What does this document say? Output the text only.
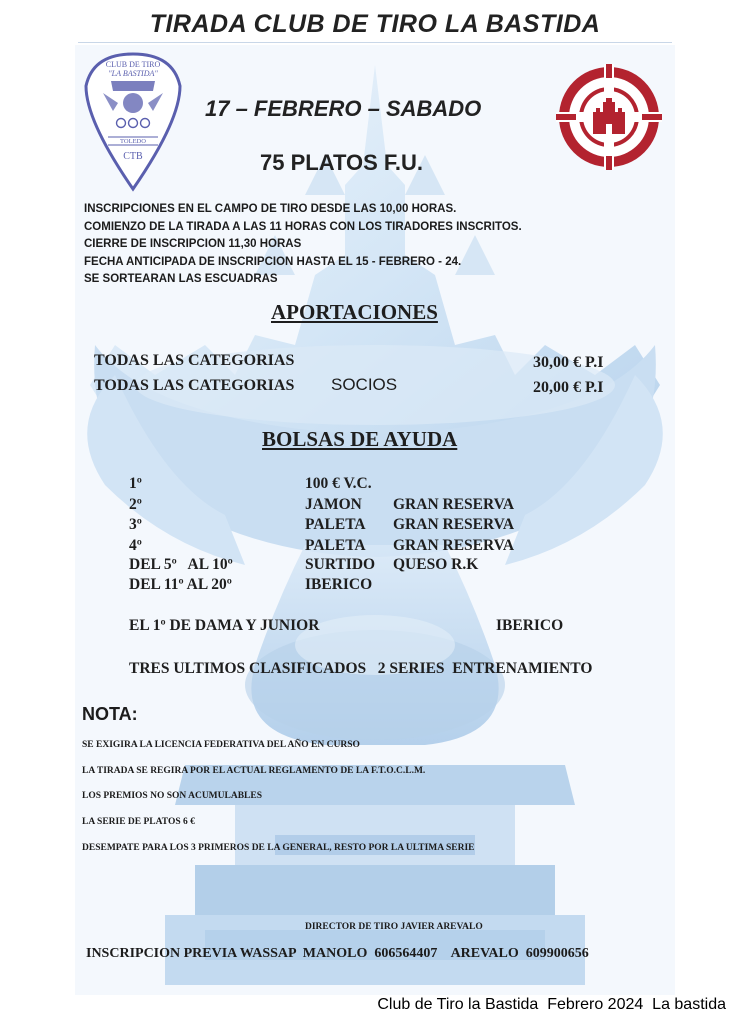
TIRADA CLUB DE TIRO LA BASTIDA
CLUB DE TIRO
"LA BASTIDA"
TOLEDO
CTB
17 – FEBRERO – SABADO
75 PLATOS F.U.
INSCRIPCIONES EN EL CAMPO DE TIRO DESDE LAS 10,00 HORAS.
COMIENZO DE LA TIRADA A LAS 11 HORAS CON LOS TIRADORES INSCRITOS.
CIERRE DE INSCRIPCION 11,30 HORAS
FECHA ANTICIPADA DE INSCRIPCION HASTA EL 15 - FEBRERO - 24.
SE SORTEARAN LAS ESCUADRAS
APORTACIONES
TODAS LAS CATEGORIAS	30,00 € P.I
TODAS LAS CATEGORIAS SOCIOS	20,00 € P.I
BOLSAS DE AYUDA
1º	100 € V.C.
2º	JAMON GRAN RESERVA
3º	PALETA GRAN RESERVA
4º	PALETA GRAN RESERVA
DEL 5º   AL 10º	SURTIDO QUESO R.K
DEL 11º AL 20º	IBERICO
EL 1º DE DAMA Y JUNIOR	IBERICO
TRES ULTIMOS CLASIFICADOS   2 SERIES  ENTRENAMIENTO
NOTA:
SE EXIGIRA LA LICENCIA FEDERATIVA DEL AÑO EN CURSO
LA TIRADA SE REGIRA POR EL ACTUAL REGLAMENTO DE LA F.T.O.C.L.M.
LOS PREMIOS NO SON ACUMULABLES
LA SERIE DE PLATOS 6 €
DESEMPATE PARA LOS 3 PRIMEROS DE LA GENERAL, RESTO POR LA ULTIMA SERIE
DIRECTOR DE TIRO JAVIER AREVALO
INSCRIPCION PREVIA WASSAP  MANOLO  606564407    AREVALO  609900656
Club de Tiro la Bastida  Febrero 2024  La bastida
